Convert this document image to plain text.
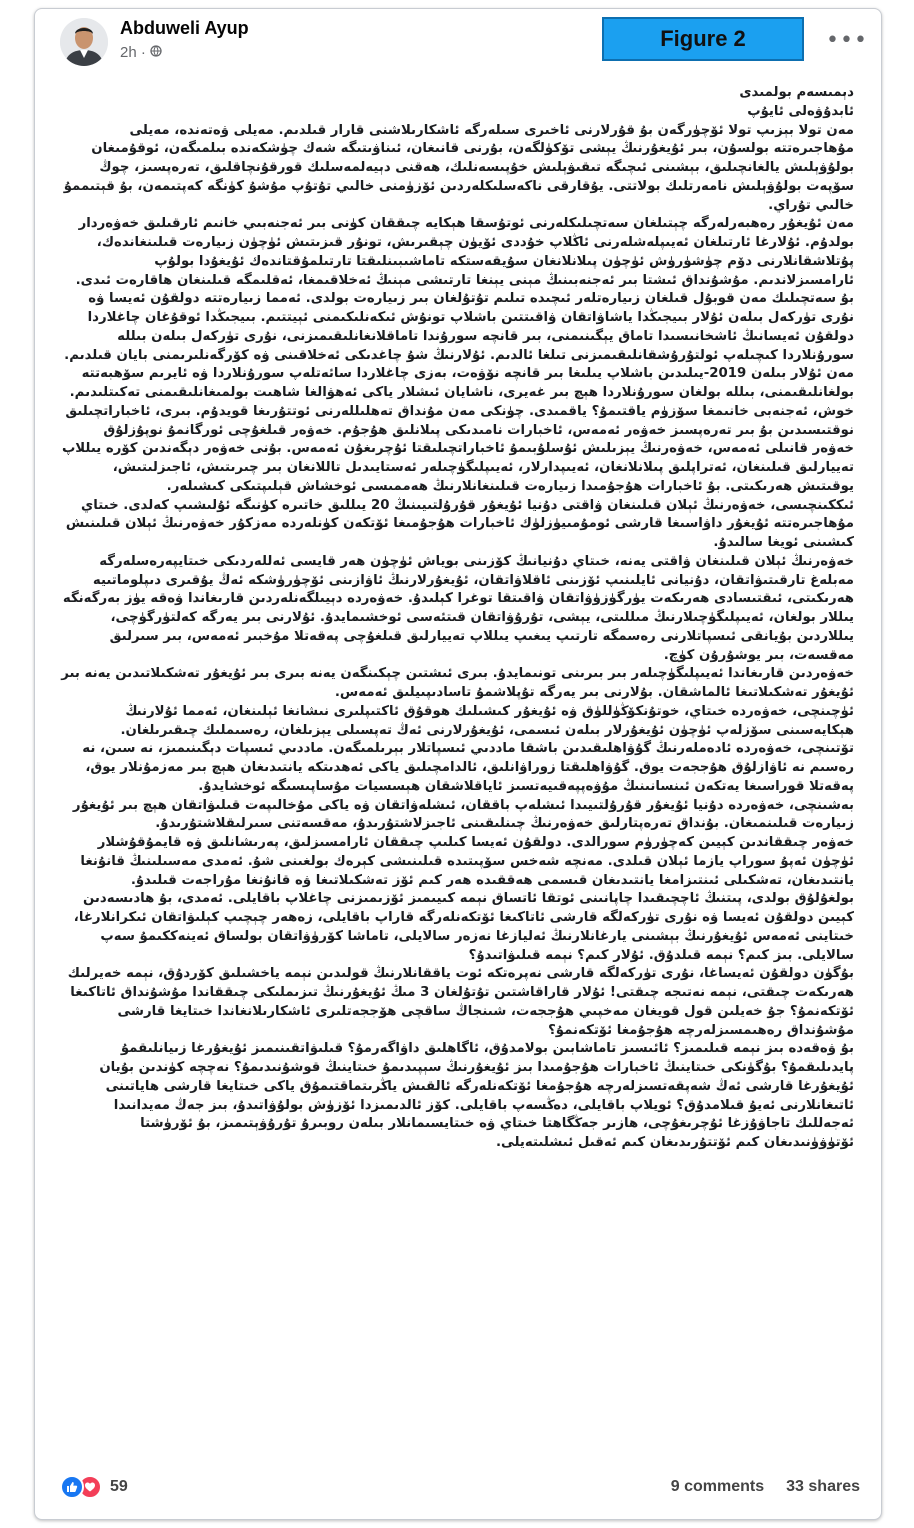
Abduweli Ayup
2h ·
Figure 2	•••

دېمىسەم بولمىدى

ئابدۇۋەلى ئايۇپ

مەن تولا بېزىپ تولا ئۆچۈرگەن بۇ قۇرلارنى ئاخىرى سىلەرگە ئاشكارىلاشنى قارار قىلدىم. مەيلى ۋەتەندە، مەيلى مۇھاجىرەتتە بولسۇن، بىر ئۇيغۇرنىڭ يېشى تۆكۈلگەن، بۇرنى قانىغان، ئىناۋىتىگە شەك چۈشكەندە بىلمىگەن، ئوقۇمىغان بولۇۋېلىش يالغانچىلىق، بېشىنى ئىچىگە تىقىۋېلىش خۇپىسەنلىك، ھەقنى دېيەلمەسلىك قورقۇنچاقلىق، تەرەپسىز، چوڭ سۆپەت بولۇۋېلىش نامەرتلىك بولاتتى. يۇقارقى ناكەسلىكلەردىن ئۆزۈمنى خالىي تۇتۇپ مۇشۇ كۈنگە كەپتىمەن، بۇ قېتىممۇ خالىي تۇراي.

مەن ئۇيغۇر رەھبەرلەرگە چېتىلغان سەتچىلىكلەرنى ئوتۇسقا ھېكايە چىققان كۈنى بىر ئەجنەبىي خانىم ئارقىلىق خەۋەردار بولدۇم. ئۇلارغا ئارتىلغان ئەيىپلەشلەرنى ئاڭلاپ خۇددى ئۆيۈن چېقىرىش، تونۇر قىزىتىش ئۈچۈن زىيارەت قىلىنغاندەك، پۇتلاشقانلارنى دۆم چۈشۈرۈش ئۈچۈن پىلانلانغان سۇيقەستكە تاماشىبىنلىقتا تارتىلمۇقتاندەك ئۇيغۇدا بولۇپ ئارامسىزلاندىم. مۇشۇنداق ئىشتا بىر ئەجنەبىنىڭ مېنى يېنغا تارتىشى مېنىڭ ئەخلاقىمغا، ئەقلىمگە قىلىنغان ھاقارەت ئىدى.

بۇ سەتچىلىك مەن قوبۇل قىلغان زىيارەتلەر ئىچىدە تىلىم تۇتۇلغان بىر زىيارەت بولدى. ئەمما زىيارەتتە دولقۇن ئەيسا ۋە نۇرى تۈركەل بىلەن ئۇلار بىيجىڭدا ياشاۋاتقان ۋاقىتتىن باشلاپ تونۇش ئىكەنلىكىمنى ئېيتتىم. بىيجىڭدا ئوقۇغان چاغلاردا دولقۇن ئەيسانىڭ ئاشخانىسىدا تاماق يېگىنىمنى، بىر قانچە سورۇندا تاماقلانغانلىقىمىزنى، نۇرى تۈركەل بىلەن بىللە سورۇنلاردا كىچىلەپ ئولتۇرۇشقانلىقىمىزنى تىلغا ئالدىم. ئۇلارنىڭ شۇ چاغدىكى ئەخلاقىنى ۋە كۆرگەنلىرىمنى بايان قىلدىم. مەن ئۇلار بىلەن 2019-يىلىدىن باشلاپ يىلىغا بىر قانچە نۆۋەت، بەزى چاغلاردا سائەتلەپ سورۇنلاردا ۋە ئايرىم سۆھبەتتە بولغانلىقىمنى، بىللە بولغان سورۇنلاردا ھېچ بىر غەيرى، ناشايان ئىشلار ياكى ئەھۋالغا شاھىت بولمىغانلىقىمنى تەكىتلىدىم.

خوش، ئەجنەبى خانىمغا سۆزۈم ياقتىمۇ؟ ياقمىدى. چۈنكى مەن مۇنداق تەھلىللەرنى ئوتتۇرىغا قويدۇم. بىرى، ئاخباراتچىلىق نوقتىسىدىن بۇ بىر تەرەپسىز خەۋەر ئەمەس، ئاخبارات نامىدىكى پىلانلىق ھۇجۇم. خەۋەر قىلغۇچى ئورگانمۇ نوپۇزلۇق خەۋەر قانىلى ئەمەس، خەۋەرنىڭ يېزىلىش ئۇسلۇبىمۇ ئاخباراتچىلىقتا ئۇچرىغۇن ئەمەس. بۇنى خەۋەر دېگەندىن كۆرە يىللاپ تەييارلىق قىلىنغان، ئەتراپلىق پىلانلانغان، ئەيىپدارلار، ئەيىپلىگۈچىلەر ئەستايىدىل تاللانغان بىر چىرىتىش، ئاجىزلىتىش، يوقىتىش ھەرىكىتى. بۇ ئاخبارات ھۇجۇمىدا زىيارەت قىلىنغانلارنىڭ ھەممىسى ئوخشاش قېلىپتىكى كىشىلەر.

ئىككىنچىسى، خەۋەرنىڭ ئېلان قىلىنغان ۋاقتى دۇنيا ئۇيغۇر قۇرۇلتىيىنىڭ 20 يىللىق خاتىرە كۈنىگە ئۇلىشىپ كەلدى. خىتاي مۇھاجىرەتتە ئۇيغۇر داۋاسىغا قارشى ئومۇمىيۈزلۈك ئاخبارات ھۇجۇمىغا ئۆتكەن كۈنلەردە مەزكۇر خەۋەرنىڭ ئېلان قىلىنىش كىشىنى ئويغا سالىدۇ.

خەۋەرنىڭ ئېلان قىلىنغان ۋاقتى يەنە، خىتاي دۇنيانىڭ كۆزىنى بوياش ئۈچۈن ھەر قايسى ئەللەردىكى خىتايپەرەسلەرگە مەبلەغ تارقىتىۋاتقان، دۇنيانى ئايلىنىپ ئۆزىنى ئاقلاۋاتقان، ئۇيغۇرلارنىڭ ئاۋازىنى ئۆچۈرۈشكە ئەڭ يۇقىرى دىپلوماتىيە ھەرىكىتى، ئىقتىسادى ھەرىكەت يۈرگۈزۈۋاتقان ۋاقىتقا توغرا كېلىدۇ. خەۋەردە دېيىلگەنلەردىن قارىغاندا ۋەقە يۈز بەرگەنگە يىللار بولغان، ئەيىپلىگۈچىلارنىڭ مىللىتى، يېشى، تۇرۇۋاتقان قىتئەسى ئوخشىمايدۇ. ئۇلارنى بىر يەرگە كەلتۈرگۈچى، يىللاردىن بۇيانقى ئىسپاتلارنى رەسمگە تارتىپ يىغىپ يىللاپ تەييارلىق قىلغۇچى پەقەتلا مۇخبىر ئەمەس، بىر سىرلىق مەقسەت، بىر يوشۇرۇن كۈچ.

خەۋەردىن قارىغاندا ئەيىپلىگۈچىلەر بىر بىرىنى تونىمايدۇ. بىرى ئىشتىن چېكىنگەن يەنە بىرى بىر ئۇيغۇر تەشكىلاتىدىن يەنە بىر ئۇيغۇر تەشكىلاتىغا ئالماشقان. بۇلارنى بىر يەرگە تۇپلاشمۇ تاسادىپىيلىق ئەمەس.

ئۈچىنچى، خەۋەردە خىتاي، خوتۇنكۆڭۈللۈق ۋە ئۇيغۇر كىشىلىك ھوقۇق ئاكتىپلىرى نىشانغا ئېلىنغان، ئەمما ئۇلارنىڭ ھېكايەسىنى سۆزلەپ ئۈچۈن ئۇيغۇرلار بىلەن ئىسمى، ئۇيغۇرلارنى ئەڭ تەپسىلى يېزىلغان، رەسىملىك چىقىرىلغان.

تۆتىنچى، خەۋەردە ئادەملەرنىڭ گۇۋاھلىقىدىن باشقا ماددىي ئىسپاتلار بېرىلمىگەن. ماددىي ئىسپات دېگىنىمىز، نە سىن، نە رەسىم نە ئاۋازلۇق ھۇججەت يوق. گۇۋاھلىقتا زوراۋانلىق، ئالدامچىلىق ياكى ئەھدىتكە يانتىدىغان ھېچ بىر مەزمۇنلار يوق، پەقەتلا قوراسىغا يەتكەن ئىنسانىنىڭ مۇۋەپپەقىيەتسىز ئاياقلاشقان ھېسسيات مۇساپىسىگە ئوخشايدۇ.

بەشىنچى، خەۋەردە دۇنيا ئۇيغۇر قۇرۇلتىيىدا ئىشلەپ باققان، ئىشلەۋاتقان ۋە ياكى مۇخالىپەت قىلىۋاتقان ھېچ بىر ئۇيغۇر زىيارەت قىلىنمىغان. بۇنداق تەرەپتارلىق خەۋەرنىڭ چىنلىقىنى ئاجىزلاشتۇرىدۇ، مەقسەتنى سىرلىقلاشتۇرىدۇ.

خەۋەر چىققاندىن كېيىن كەچۈرۈم سورالدى. دولقۇن ئەيسا كىلىپ چىققان ئارامسىزلىق، پەرىشانلىق ۋە قايمۇقۇشلار ئۈچۈن ئەپۇ سوراپ يازما ئېلان قىلدى. مەنچە شەخس سۆپىتىدە قىلىنىشى كېرەك بولغىنى شۇ. ئەمدى مەسىلىنىڭ قانۇنغا يانتىدىغان، تەشكىلى ئىنتىزامغا يانتىدىغان قىسمى ھەققىدە ھەر كىم ئۆز تەشكىلاتىغا ۋە قانۇنغا مۇراجەت قىلىدۇ.

بولغۇلۇق بولدى، پىتنىڭ ئاچچىقىدا چاپانىنى ئوتقا ئاتساق نېمە كىيىمىز ئۆزىمىزنى چاغلاپ باقايلى. ئەمدى، بۇ ھادىسەدىن كېيىن دولقۇن ئەيسا ۋە نۇرى تۈركەلگە قارشى ئاتاكىغا ئۆتكەنلەرگە قاراپ باقايلى، زەھەر چېچىپ كېلىۋاتقان ئىكرانلارغا، خىتاينى ئەمەس ئۇيغۇرنىڭ بېشىنى يارغانلارنىڭ ئەليازغا نەزەر سالايلى، تاماشا كۆرۈۋاتقان بولساق ئەينەككىمۇ سەپ سالايلى. بىز كىم؟ نېمە قىلدۇق. ئۇلار كىم؟ نېمە قىلىۋاتىدۇ؟

بۇگۈن دولقۇن ئەيساغا، نۇرى تۈركەلگە قارشى نەپرەتكە ئوت ياققانلارنىڭ قولىدىن نېمە ياخشىلىق كۆردۇق، نېمە خەيرلىك ھەرىكەت چىقتى، نېمە نەتىجە چىقتى! ئۇلار قاراقاشتىن تۇتۇلغان 3 مىڭ ئۇيغۇرنىڭ تىزىملىكى چىققاندا مۇشۇنداق ئاتاكىغا ئۆتكەنمۇ؟ جۇ خەيلىن قول قويغان مەخپىي ھۇججەت، شىنجاڭ ساقچى ھۆججەتلىرى ئاشكارىلانغاندا خىتايغا قارشى مۇشۇنداق رەھىمسىزلەرچە ھۇجۇمغا ئۆتكەنمۇ؟

بۇ ۋەقەدە بىز نېمە قىلىمىز؟ ئائىسىز تاماشابىن بولامدۇق، ئاگاھلىق داۋاگەرمۇ؟ قىلىۋاتقىنىمىز ئۇيغۇرغا زىيانلىقمۇ پايدىلىقمۇ؟ بۇگۈنكى خىتاينىڭ ئاخبارات ھۇجۇمىدا بىز ئۇيغۇرنىڭ سېپىدىمۇ خىتاينىڭ قوشۇنىدىمۇ؟ نەچچە كۈندىن بۇيان ئۇيغۇرغا قارشى ئەڭ شەپقەتسىزلەرچە ھۇجۇمغا ئۆتكەنلەرگە ئالقىش ياڭرىتماقتىمۇق ياكى خىتايغا قارشى ھاياتىنى ئاتىغانلارنى ئەيۇ قىلامدۇق؟ ئويلاپ باقايلى، دەڭسەپ باقايلى. كۆز ئالدىمىزدا ئۆزۈش بولۇۋاتىدۇ، بىز جەڭ مەيدانىدا ئەجەللىك تاجاۋۇزغا ئۇچرىغۇچى، ھازىر جەڭگاھتا خىتاي ۋە خىتايسىمانلار بىلەن روبىرۇ تۇرۇۋېتىمىز، بۇ ئۆرۈشتا ئۆتۈۋۈنىدىغان كىم ئۆتتۇرىدىغان كىم ئەقىل ئىشلىتەيلى.

59	9 comments 33 shares
